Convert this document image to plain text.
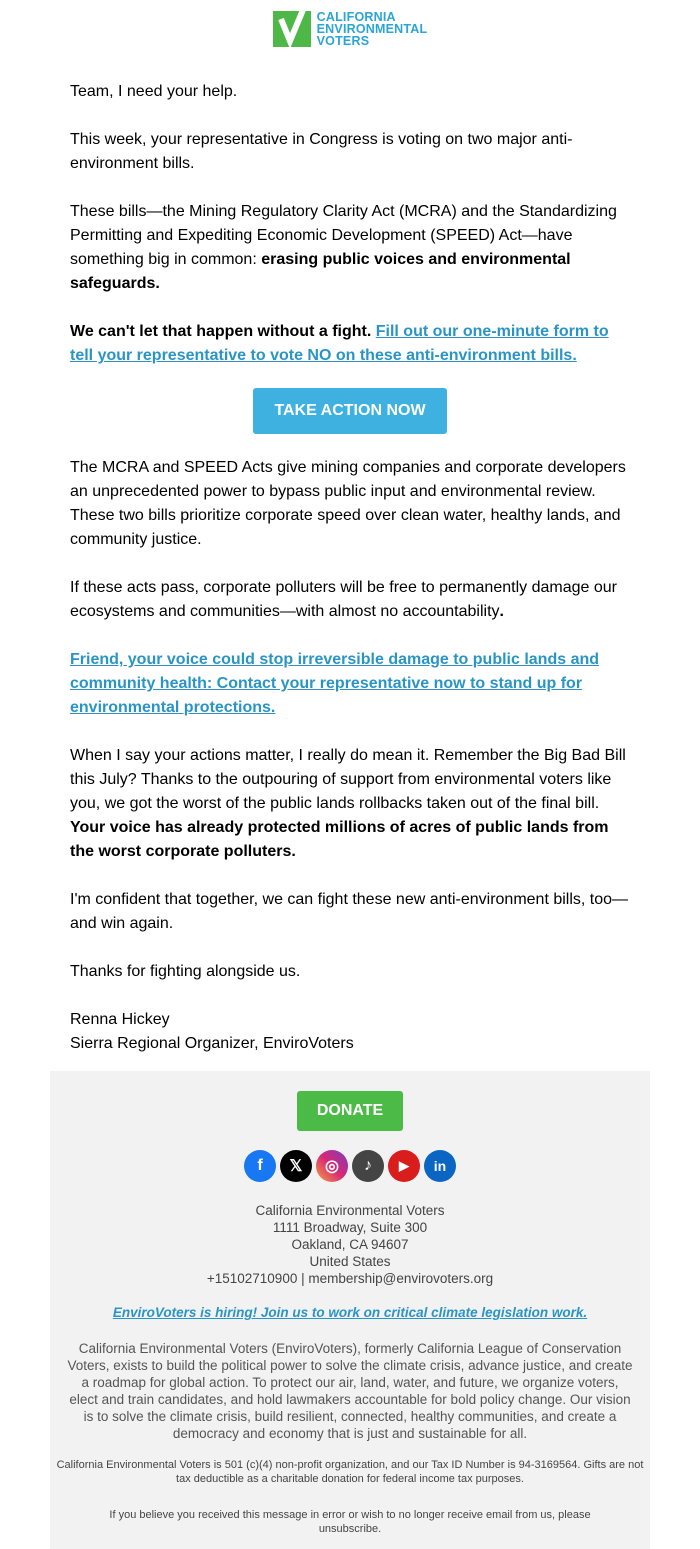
CALIFORNIA
ENVIRONMENTAL
VOTERS

Team, I need your help.

This week, your representative in Congress is voting on two major anti-environment bills.

These bills—the Mining Regulatory Clarity Act (MCRA) and the Standardizing Permitting and Expediting Economic Development (SPEED) Act—have something big in common: erasing public voices and environmental safeguards.

We can't let that happen without a fight. Fill out our one-minute form to tell your representative to vote NO on these anti-environment bills.

TAKE ACTION NOW

The MCRA and SPEED Acts give mining companies and corporate developers an unprecedented power to bypass public input and environmental review. These two bills prioritize corporate speed over clean water, healthy lands, and community justice.

If these acts pass, corporate polluters will be free to permanently damage our ecosystems and communities—with almost no accountability.

Friend, your voice could stop irreversible damage to public lands and community health: Contact your representative now to stand up for environmental protections.

When I say your actions matter, I really do mean it. Remember the Big Bad Bill this July? Thanks to the outpouring of support from environmental voters like you, we got the worst of the public lands rollbacks taken out of the final bill. Your voice has already protected millions of acres of public lands from the worst corporate polluters.

I'm confident that together, we can fight these new anti-environment bills, too—and win again.

Thanks for fighting alongside us.

Renna Hickey
Sierra Regional Organizer, EnviroVoters

DONATE
f	𝕏	◎	♪	▶	in
California Environmental Voters
1111 Broadway, Suite 300
Oakland, CA 94607
United States
+15102710900 | membership@envirovoters.org
EnviroVoters is hiring! Join us to work on critical climate legislation work.
California Environmental Voters (EnviroVoters), formerly California League of Conservation Voters, exists to build the political power to solve the climate crisis, advance justice, and create a roadmap for global action. To protect our air, land, water, and future, we organize voters, elect and train candidates, and hold lawmakers accountable for bold policy change. Our vision is to solve the climate crisis, build resilient, connected, healthy communities, and create a democracy and economy that is just and sustainable for all.
California Environmental Voters is 501 (c)(4) non-profit organization, and our Tax ID Number is 94-3169564. Gifts are not tax deductible as a charitable donation for federal income tax purposes.
If you believe you received this message in error or wish to no longer receive email from us, please unsubscribe.
